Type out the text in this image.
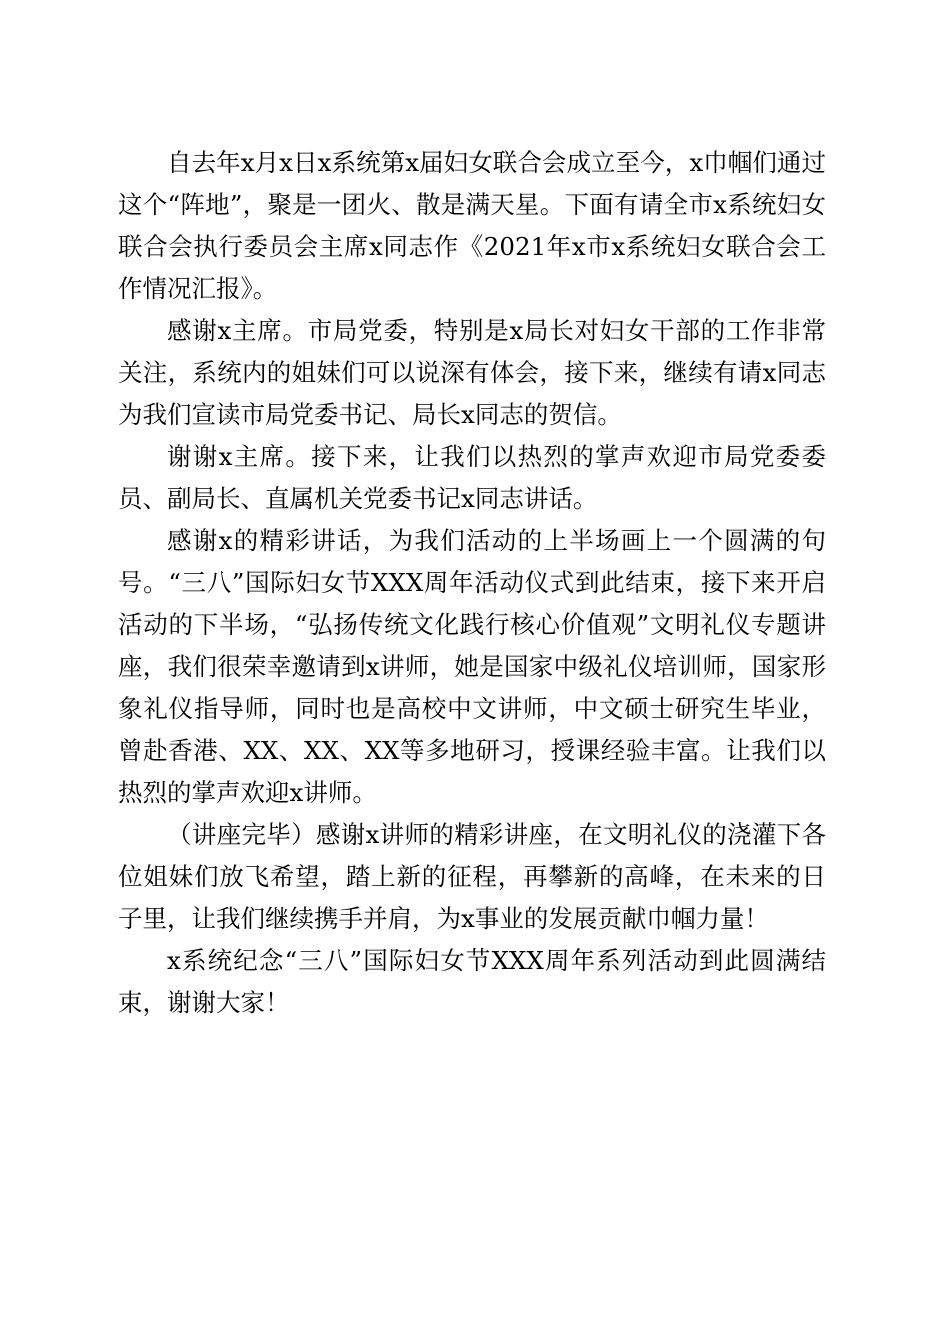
自去年x月x日x系统第x届妇女联合会成立至今，x巾帼们通过这个“阵地”，聚是一团火、散是满天星。下面有请全市x系统妇女联合会执行委员会主席x同志作《2021年x市x系统妇女联合会工作情况汇报》。

感谢x主席。市局党委，特别是x局长对妇女干部的工作非常关注，系统内的姐妹们可以说深有体会，接下来，继续有请x同志为我们宣读市局党委书记、局长x同志的贺信。

谢谢x主席。接下来，让我们以热烈的掌声欢迎市局党委委员、副局长、直属机关党委书记x同志讲话。

感谢x的精彩讲话，为我们活动的上半场画上一个圆满的句号。“三八”国际妇女节XXX周年活动仪式到此结束，接下来开启活动的下半场，“弘扬传统文化践行核心价值观”文明礼仪专题讲座，我们很荣幸邀请到x讲师，她是国家中级礼仪培训师，国家形象礼仪指导师，同时也是高校中文讲师，中文硕士研究生毕业，曾赴香港、XX、XX、XX等多地研习，授课经验丰富。让我们以热烈的掌声欢迎x讲师。

（讲座完毕）感谢x讲师的精彩讲座，在文明礼仪的浇灌下各位姐妹们放飞希望，踏上新的征程，再攀新的高峰，在未来的日子里，让我们继续携手并肩，为x事业的发展贡献巾帼力量！

x系统纪念“三八”国际妇女节XXX周年系列活动到此圆满结束，谢谢大家！
